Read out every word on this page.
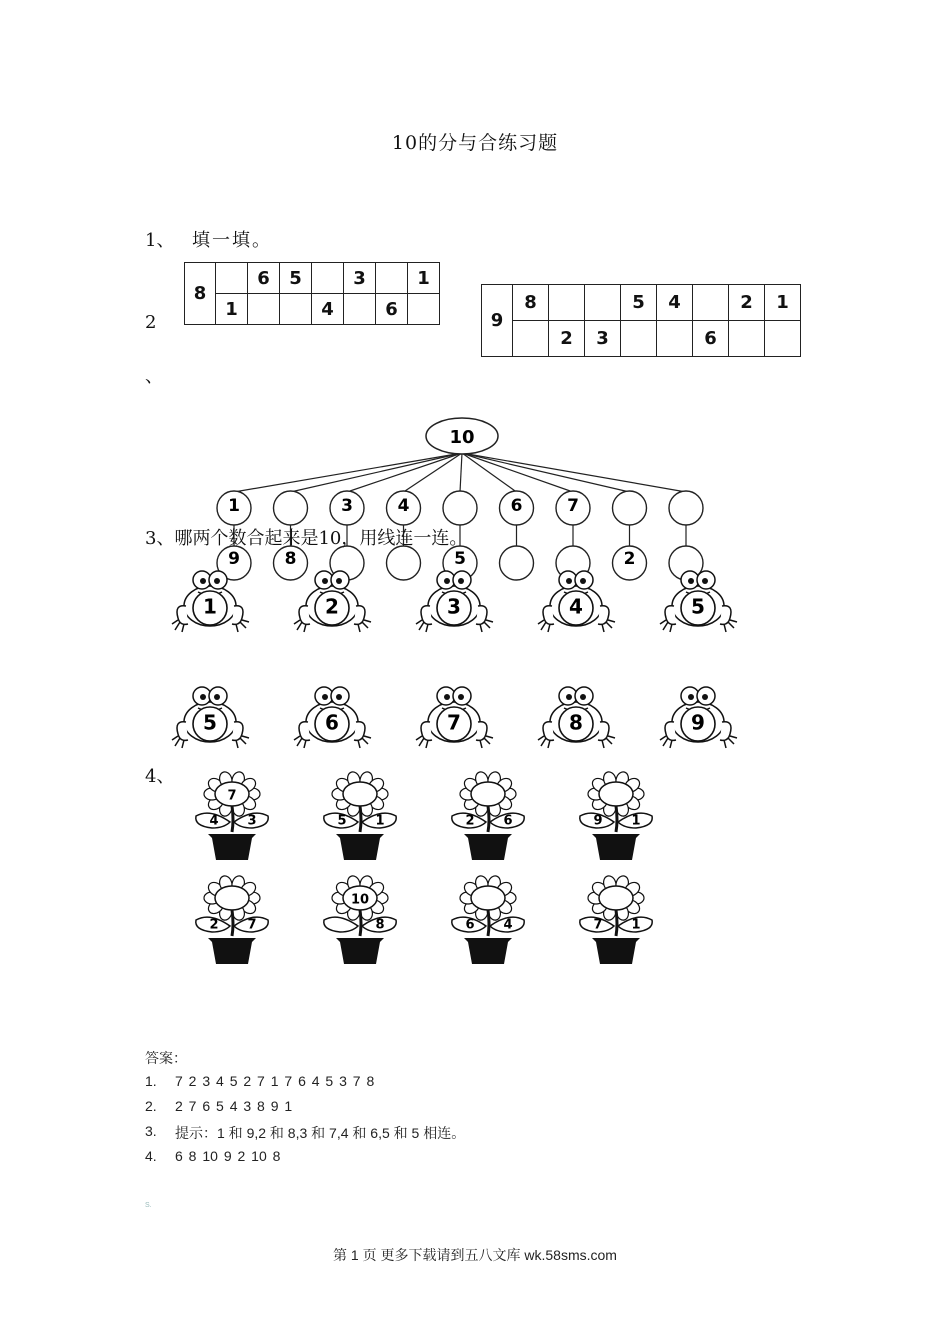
10的分与合练习题
1、 填一填。
2
、
8		6	5		3		1
	1			4		6	
9	8			5	4		2	1
		2	3			6		
10
1
9	8
3	4
5
6	7
2
3、哪两个数合起来是10，用线连一连。
1	2	3	4	5
5	6	7	8	9
4、
7
4 3	5 1	2 6	9 1
2 7
10
8	6 4	7 1
答案：
1. 7 2 3 4 5 2 7 1 7 6 4 5 3 7 8
2. 2 7 6 5 4 3 8 9 1
3. 提示：1 和 9,2 和 8,3 和 7,4 和 6,5 和 5 相连。
4. 6 8 10 9 2 10 8
S.
第 1 页 更多下载请到五八文库 wk.58sms.com
